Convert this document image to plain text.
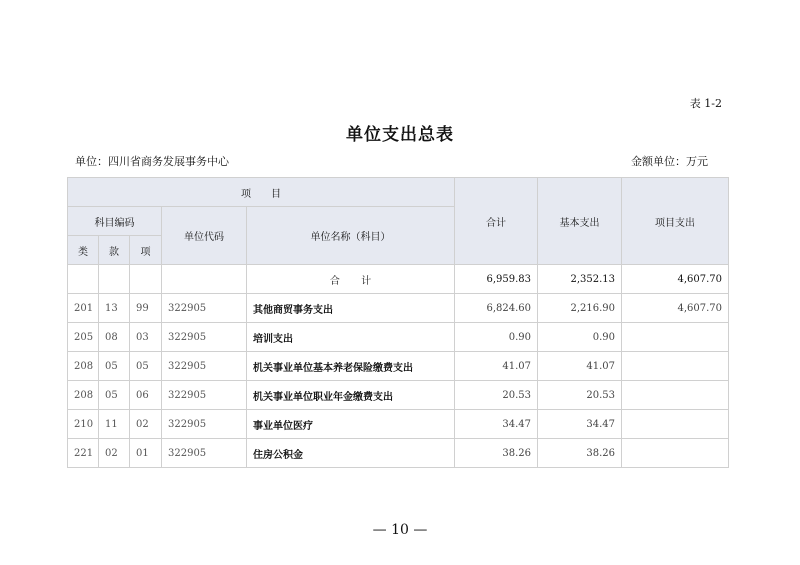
表 1-2
单位支出总表
单位：四川省商务发展事务中心	金额单位：万元
项　　目					合计	基本支出	项目支出
科目编码			单位代码	单位名称（科目）			
类	款	项					
				合 计	6,959.83	2,352.13	4,607.70
201	13	99	322905	其他商贸事务支出	6,824.60	2,216.90	4,607.70
205	08	03	322905	培训支出	0.90	0.90	
208	05	05	322905	机关事业单位基本养老保险缴费支出	41.07	41.07	
208	05	06	322905	机关事业单位职业年金缴费支出	20.53	20.53	
210	11	02	322905	事业单位医疗	34.47	34.47	
221	02	01	322905	住房公积金	38.26	38.26	
— 10 —
